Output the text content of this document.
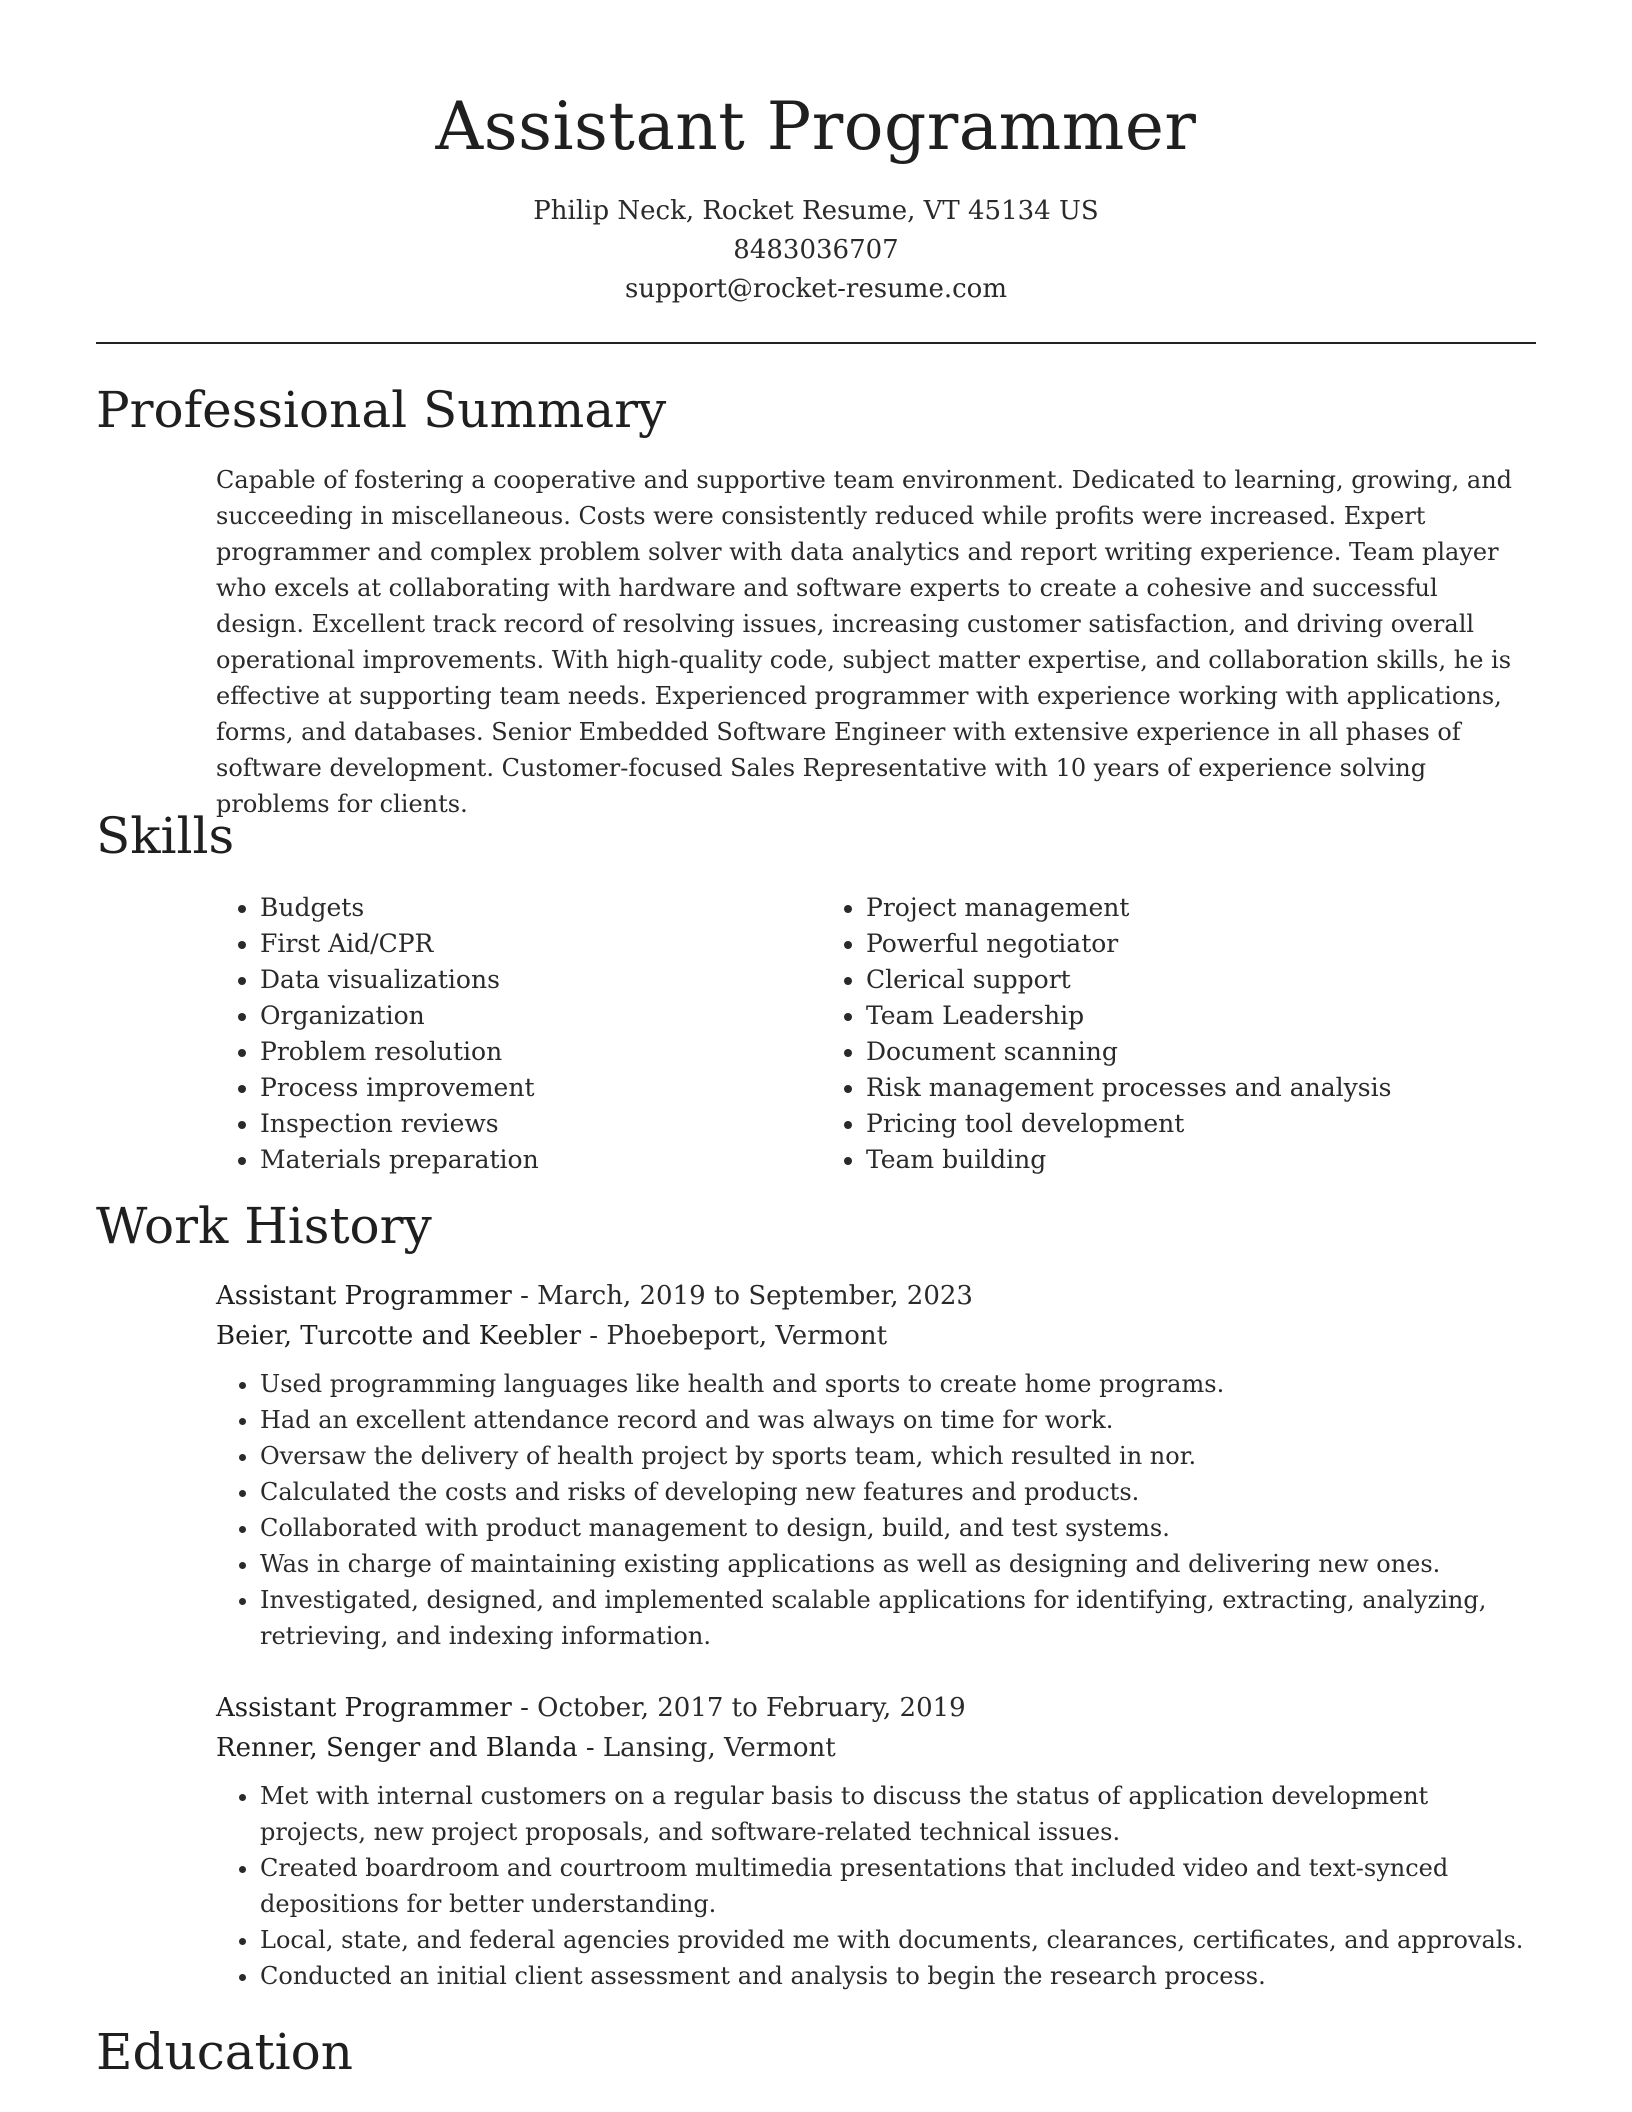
Assistant Programmer
Philip Neck, Rocket Resume, VT 45134 US
8483036707
support@rocket-resume.com
Professional Summary

Capable of fostering a cooperative and supportive team environment. Dedicated to learning, growing, and succeeding in miscellaneous. Costs were consistently reduced while profits were increased. Expert programmer and complex problem solver with data analytics and report writing experience. Team player who excels at collaborating with hardware and software experts to create a cohesive and successful design. Excellent track record of resolving issues, increasing customer satisfaction, and driving overall operational improvements. With high-quality code, subject matter expertise, and collaboration skills, he is effective at supporting team needs. Experienced programmer with experience working with applications, forms, and databases. Senior Embedded Software Engineer with extensive experience in all phases of software development. Customer-focused Sales Representative with 10 years of experience solving problems for clients.

Skills
• Budgets
• First Aid/CPR
• Data visualizations
• Organization
• Problem resolution
• Process improvement
• Inspection reviews
• Materials preparation
• Project management
• Powerful negotiator
• Clerical support
• Team Leadership
• Document scanning
• Risk management processes and analysis
• Pricing tool development
• Team building
Work History
Assistant Programmer - March, 2019 to September, 2023
Beier, Turcotte and Keebler - Phoebeport, Vermont
• Used programming languages like health and sports to create home programs.
• Had an excellent attendance record and was always on time for work.
• Oversaw the delivery of health project by sports team, which resulted in nor.
• Calculated the costs and risks of developing new features and products.
• Collaborated with product management to design, build, and test systems.
• Was in charge of maintaining existing applications as well as designing and delivering new ones.
• Investigated, designed, and implemented scalable applications for identifying, extracting, analyzing, retrieving, and indexing information.
Assistant Programmer - October, 2017 to February, 2019
Renner, Senger and Blanda - Lansing, Vermont
• Met with internal customers on a regular basis to discuss the status of application development projects, new project proposals, and software-related technical issues.
• Created boardroom and courtroom multimedia presentations that included video and text-synced depositions for better understanding.
• Local, state, and federal agencies provided me with documents, clearances, certificates, and approvals.
• Conducted an initial client assessment and analysis to begin the research process.
Education
